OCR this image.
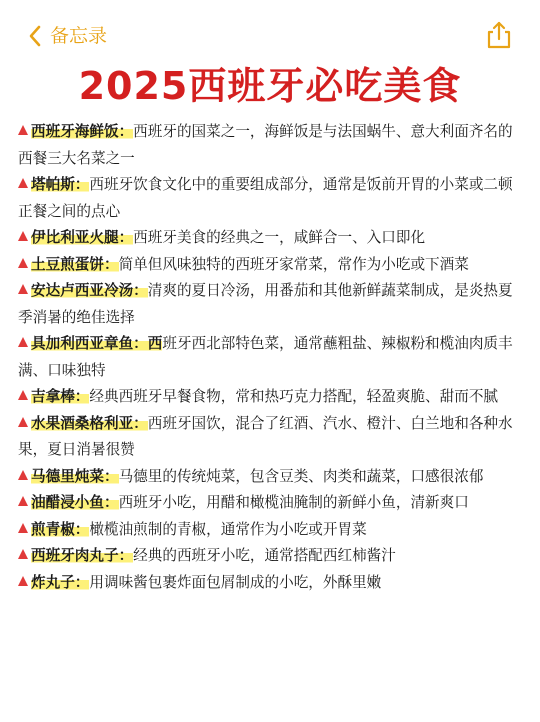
备忘录
2025西班牙必吃美食
西班牙海鲜饭：西班牙的国菜之一，海鲜饭是与法国蜗牛、意大利面齐名的西餐三大名菜之一
塔帕斯：西班牙饮食文化中的重要组成部分，通常是饭前开胃的小菜或二顿正餐之间的点心
伊比利亚火腿：西班牙美食的经典之一，咸鲜合一、入口即化
土豆煎蛋饼：简单但风味独特的西班牙家常菜，常作为小吃或下酒菜
安达卢西亚冷汤：清爽的夏日冷汤，用番茄和其他新鲜蔬菜制成，是炎热夏季消暑的绝佳选择
具加利西亚章鱼：西班牙西北部特色菜，通常蘸粗盐、辣椒粉和榄油肉质丰满、口味独特
吉拿棒：经典西班牙早餐食物，常和热巧克力搭配，轻盈爽脆、甜而不腻
水果酒桑格利亚：西班牙国饮，混合了红酒、汽水、橙汁、白兰地和各种水果，夏日消暑很赞
马德里炖菜：马德里的传统炖菜，包含豆类、肉类和蔬菜，口感很浓郁
油醋浸小鱼：西班牙小吃，用醋和橄榄油腌制的新鲜小鱼，清新爽口
煎青椒：橄榄油煎制的青椒，通常作为小吃或开胃菜
西班牙肉丸子：经典的西班牙小吃，通常搭配西红柿酱汁
炸丸子：用调味酱包裹炸面包屑制成的小吃，外酥里嫩
